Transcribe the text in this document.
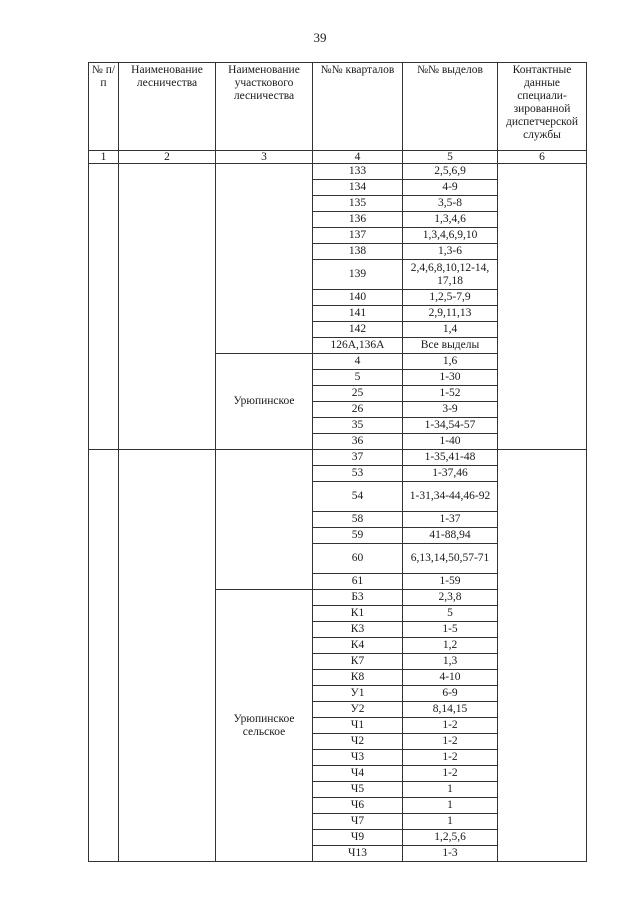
39
№ п/п	Наименование лесничества	Наименование участкового лесничества	№№ кварталов	№№ выделов	Контактные данные специали-зированной диспетчерской службы
1	2	3	4	5	6
			133	2,5,6,9	
			134	4-9	
			135	3,5-8	
			136	1,3,4,6	
			137	1,3,4,6,9,10	
			138	1,3-6	
			139	2,4,6,8,10,12-14, 17,18	
			140	1,2,5-7,9	
			141	2,9,11,13	
			142	1,4	
			126А,136А	Все выделы	
		Урюпинское	4	1,6	
			5	1-30	
			25	1-52	
			26	3-9	
			35	1-34,54-57	
			36	1-40	
			37	1-35,41-48	
			53	1-37,46	
			54	1-31,34-44,46-92	
			58	1-37	
			59	41-88,94	
			60	6,13,14,50,57-71	
			61	1-59	
		Урюпинское сельское	Б3	2,3,8	
			К1	5	
			К3	1-5	
			К4	1,2	
			К7	1,3	
			К8	4-10	
			У1	6-9	
			У2	8,14,15	
			Ч1	1-2	
			Ч2	1-2	
			Ч3	1-2	
			Ч4	1-2	
			Ч5	1	
			Ч6	1	
			Ч7	1	
			Ч9	1,2,5,6	
			Ч13	1-3	
